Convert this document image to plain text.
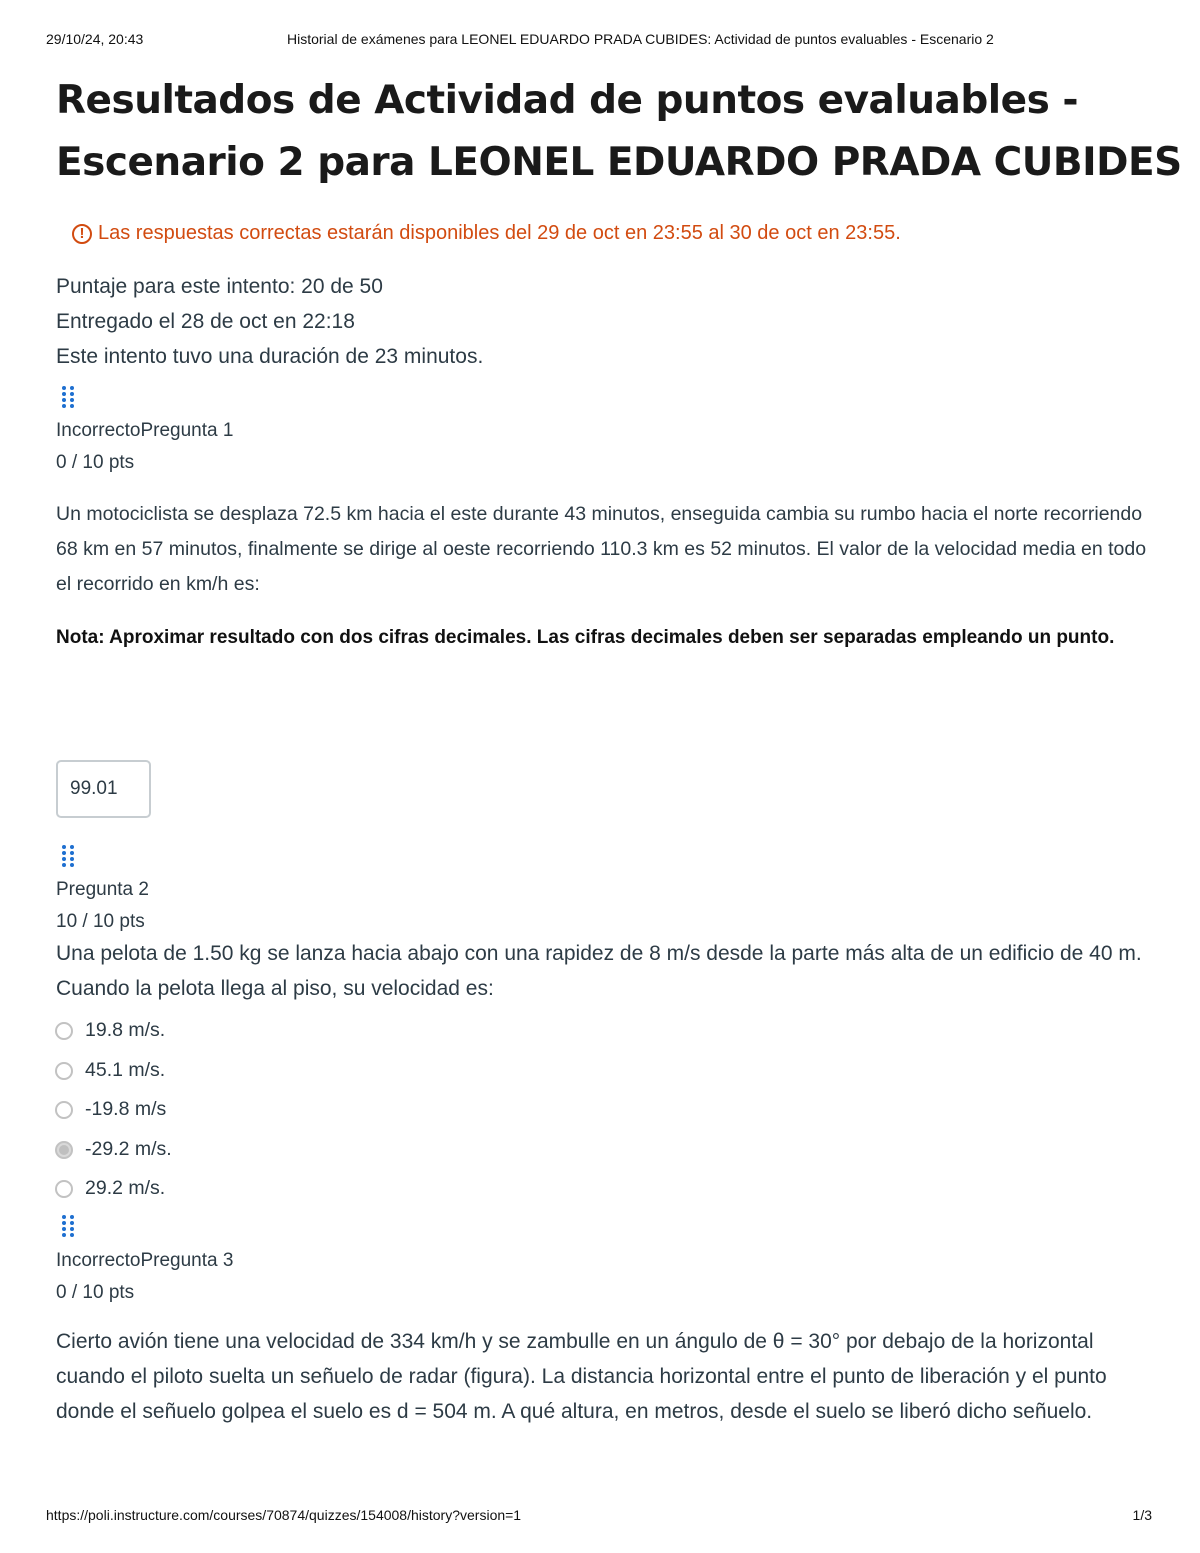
29/10/24, 20:43	Historial de exámenes para LEONEL EDUARDO PRADA CUBIDES: Actividad de puntos evaluables - Escenario 2
Resultados de Actividad de puntos evaluables -
Escenario 2 para LEONEL EDUARDO PRADA CUBIDES
! Las respuestas correctas estarán disponibles del 29 de oct en 23:55 al 30 de oct en 23:55.
Puntaje para este intento: 20 de 50
Entregado el 28 de oct en 22:18
Este intento tuvo una duración de 23 minutos.
IncorrectoPregunta 1
0 / 10 pts
Un motociclista se desplaza 72.5 km hacia el este durante 43 minutos, enseguida cambia su rumbo hacia el norte recorriendo 68 km en 57 minutos, finalmente se dirige al oeste recorriendo 110.3 km es 52 minutos. El valor de la velocidad media en todo el recorrido en km/h es:
Nota: Aproximar resultado con dos cifras decimales. Las cifras decimales deben ser separadas empleando un punto.
99.01
Pregunta 2
10 / 10 pts
Una pelota de 1.50 kg se lanza hacia abajo con una rapidez de 8 m/s desde la parte más alta de un edificio de 40 m. Cuando la pelota llega al piso, su velocidad es:
19.8 m/s.
45.1 m/s.
-19.8 m/s
-29.2 m/s.
29.2 m/s.
IncorrectoPregunta 3
0 / 10 pts
Cierto avión tiene una velocidad de 334 km/h y se zambulle en un ángulo de θ = 30° por debajo de la horizontal cuando el piloto suelta un señuelo de radar (figura). La distancia horizontal entre el punto de liberación y el punto donde el señuelo golpea el suelo es d = 504 m. A qué altura, en metros, desde el suelo se liberó dicho señuelo.
https://poli.instructure.com/courses/70874/quizzes/154008/history?version=1	1/3
